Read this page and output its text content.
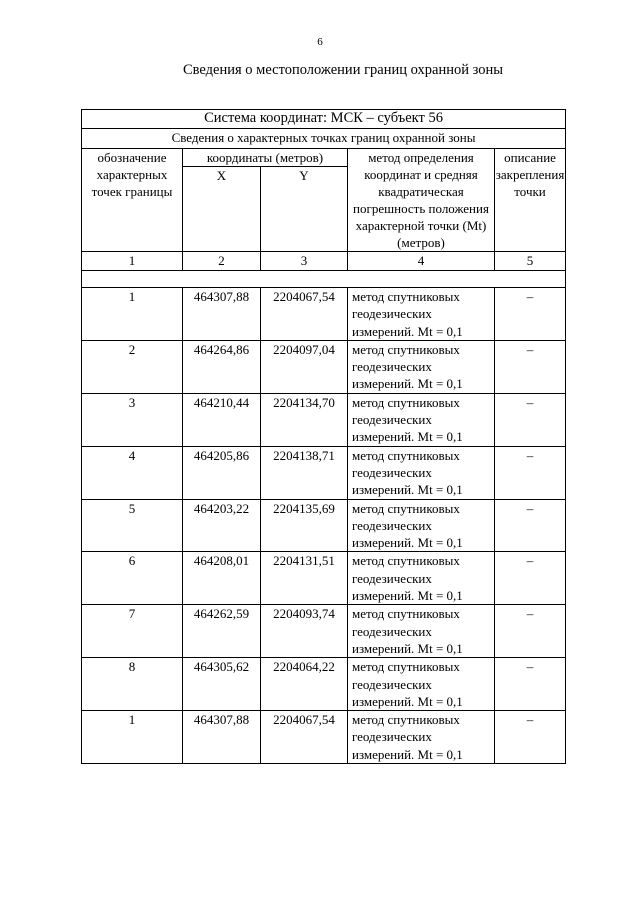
6
Сведения о местоположении границ охранной зоны
Система координат: МСК – субъект 56				
Сведения о характерных точках границ охранной зоны				
обозначение характерных точек границы	координаты (метров)		метод определения координат и средняя квадратическая погрешность положения характерной точки (Mt) (метров)	описание закрепления точки
	X	Y		
1	2	3	4	5

1	464307,88	2204067,54	метод спутниковых геодезических измерений. Mt = 0,1	–
2	464264,86	2204097,04	метод спутниковых геодезических измерений. Mt = 0,1	–
3	464210,44	2204134,70	метод спутниковых геодезических измерений. Mt = 0,1	–
4	464205,86	2204138,71	метод спутниковых геодезических измерений. Mt = 0,1	–
5	464203,22	2204135,69	метод спутниковых геодезических измерений. Mt = 0,1	–
6	464208,01	2204131,51	метод спутниковых геодезических измерений. Mt = 0,1	–
7	464262,59	2204093,74	метод спутниковых геодезических измерений. Mt = 0,1	–
8	464305,62	2204064,22	метод спутниковых геодезических измерений. Mt = 0,1	–
1	464307,88	2204067,54	метод спутниковых геодезических измерений. Mt = 0,1	–
